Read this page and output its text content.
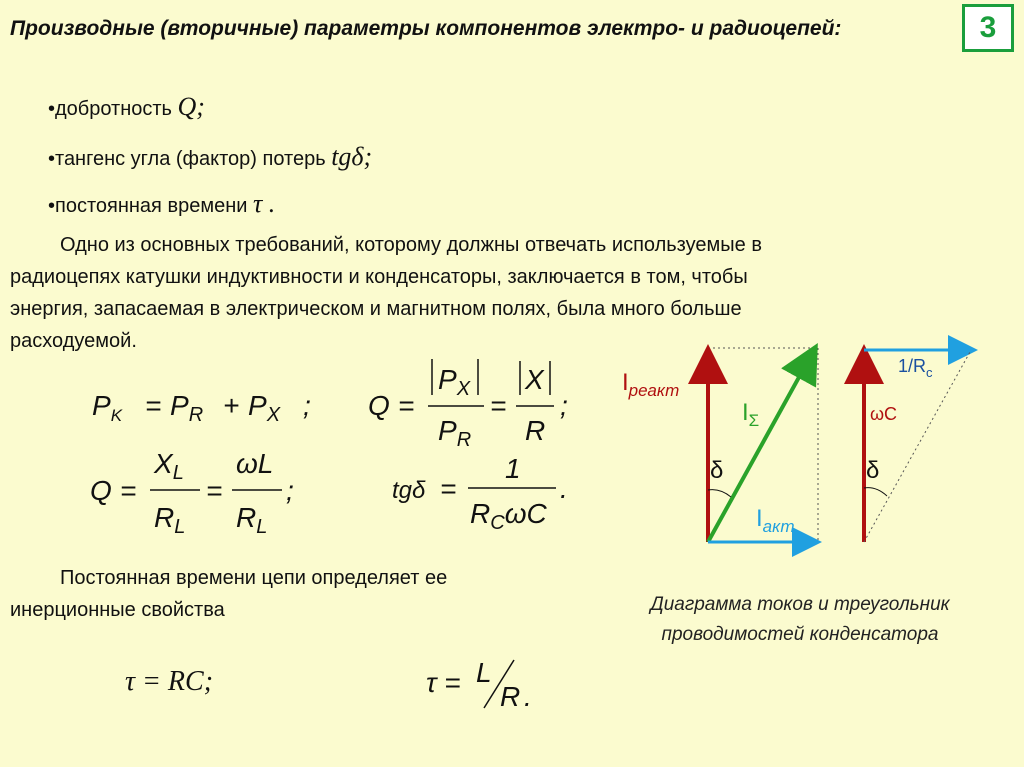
Производные (вторичные) параметры компонентов электро- и радиоцепей:	3
•добротность Q;
•тангенс угла (фактор) потерь tgδ;
•постоянная времени τ .
Одно из основных требований, которому должны отвечать используемые в
радиоцепях катушки индуктивности и конденсаторы, заключается в том, чтобы
энергия, запасаемая в электрическом и магнитном полях, была много больше
расходуемой.
$P_K = P_R + P_X$ ; Q =
$P_X$
$P_R$
=
X
R
;
Q =
$X_L$
$R_L$
=
ωL
$R_L$
;	tgδ =
1
$R_C\omega C$
.
Постоянная времени цепи определяет ее
инерционные свойства
τ = RC;	τ = L
R .
$I_{реакт}$
$I_\Sigma$
$I_{акт}$
δ
ωC
$1/R_c$
δ
Диаграмма токов и треугольник
проводимостей конденсатора
